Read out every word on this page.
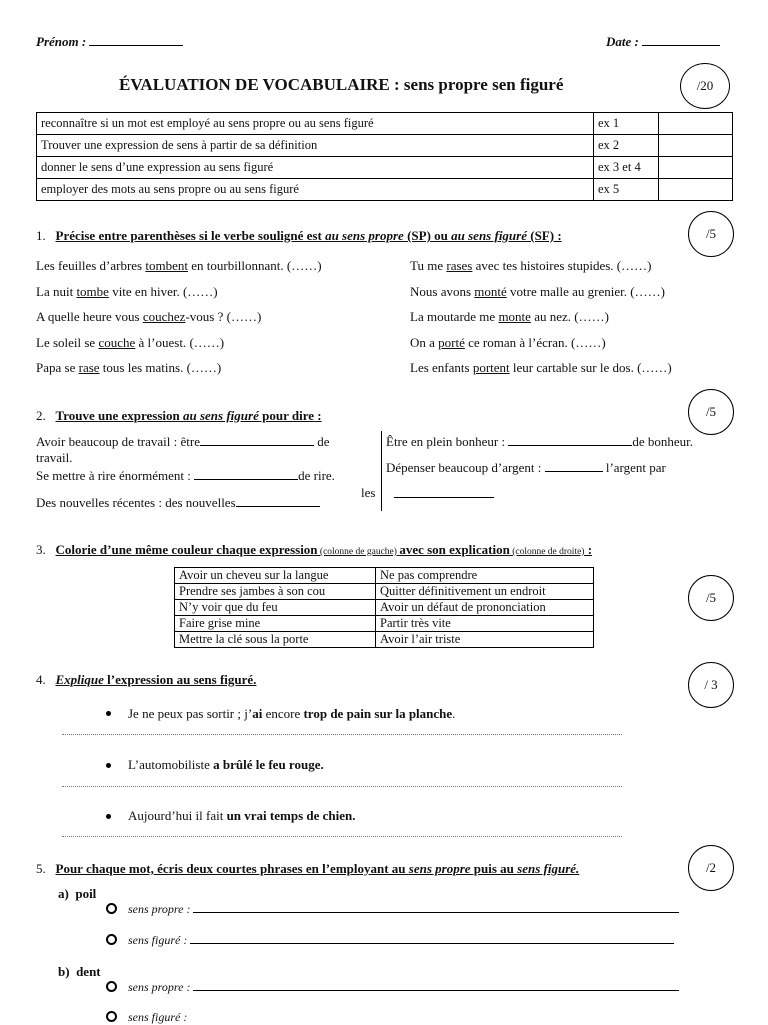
Prénom :	Date :
ÉVALUATION DE VOCABULAIRE : sens propre sen figuré	/20
reconnaître si un mot est employé au sens propre ou au sens figuré	ex 1	
Trouver une expression de sens à partir de sa définition	ex 2	
donner le sens d’une expression au sens figuré	ex 3 et 4	
employer des mots au sens propre ou au sens figuré	ex 5	
1. Précise entre parenthèses si le verbe souligné est au sens propre (SP) ou au sens figuré (SF) :	/5
Les feuilles d’arbres tombent en tourbillonnant. (……)
La nuit tombe vite en hiver. (……)
A quelle heure vous couchez-vous ? (……)
Le soleil se couche à l’ouest. (……)
Papa se rase tous les matins. (……)
Tu me rases avec tes histoires stupides. (……)
Nous avons monté votre malle au grenier. (……)
La moutarde me monte au nez. (……)
On a porté ce roman à l’écran. (……)
Les enfants portent leur cartable sur le dos. (……)
2. Trouve une expression au sens figuré pour dire :	/5
Avoir beaucoup de travail : être	de
travail.
Se mettre à rire énormément :	de rire.
les
Des nouvelles récentes : des nouvelles
Être en plein bonheur :	de bonheur.
Dépenser beaucoup d’argent :	l’argent par
3. Colorie d’une même couleur chaque expression (colonne de gauche) avec son explication (colonne de droite) :
Avoir un cheveu sur la langue	Ne pas comprendre
Prendre ses jambes à son cou	Quitter définitivement un endroit
N’y voir que du feu	Avoir un défaut de prononciation
Faire grise mine	Partir très vite
Mettre la clé sous la porte	Avoir l’air triste
/5
4. Explique l’expression au sens figuré.	/ 3
Je ne peux pas sortir ; j’ai encore trop de pain sur la planche.
L’automobiliste a brûlé le feu rouge.
Aujourd’hui il fait un vrai temps de chien.
5. Pour chaque mot, écris deux courtes phrases en l’employant au sens propre puis au sens figuré.	/2
a) poil
sens propre :
sens figuré :
b) dent
sens propre :
sens figuré :
